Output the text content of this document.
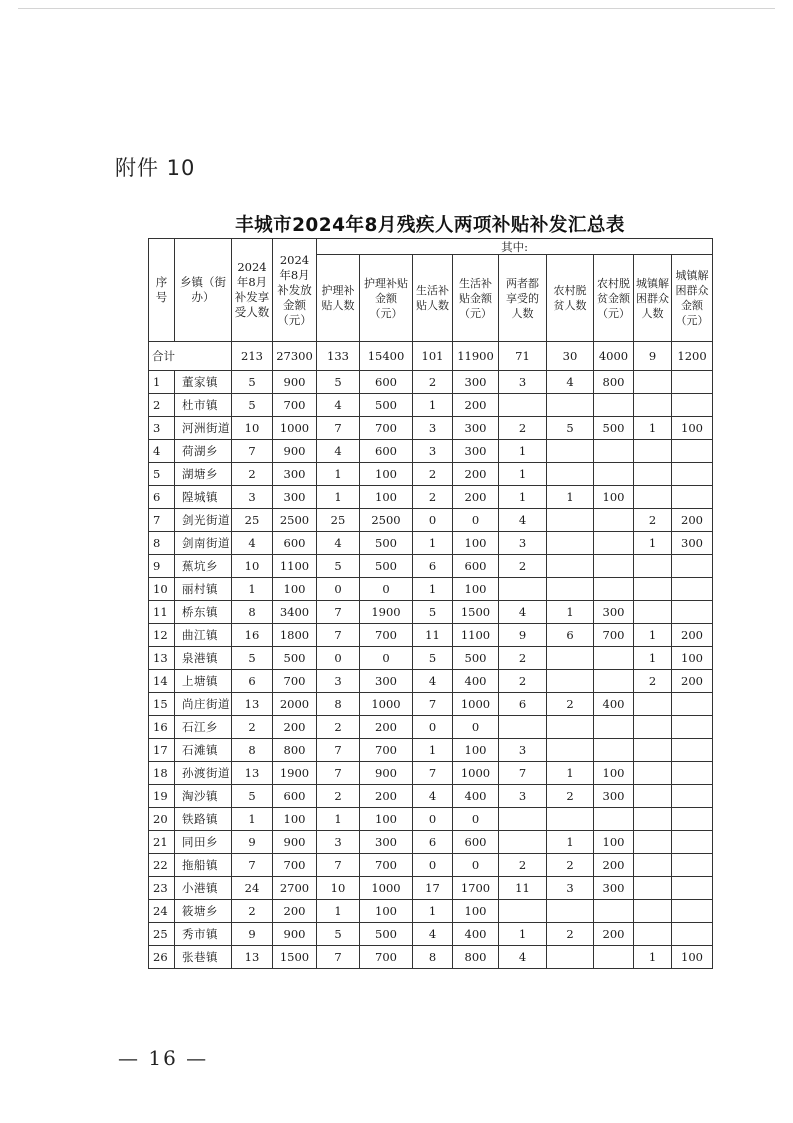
附件 10
丰城市2024年8月残疾人两项补贴补发汇总表
序号	乡镇（街办）	2024年8月补发享受人数	2024年8月补发放金额（元）	其中:								
				护理补贴人数	护理补贴金额（元）	生活补贴人数	生活补贴金额（元）	两者都享受的人数	农村脱贫人数	农村脱贫金额（元）	城镇解困群众人数	城镇解困群众金额（元）
合计		213	27300	133	15400	101	11900	71	30	4000	9	1200
1	董家镇	5	900	5	600	2	300	3	4	800		
2	杜市镇	5	700	4	500	1	200					
3	河洲街道	10	1000	7	700	3	300	2	5	500	1	100
4	荷湖乡	7	900	4	600	3	300	1				
5	湖塘乡	2	300	1	100	2	200	1				
6	隍城镇	3	300	1	100	2	200	1	1	100		
7	剑光街道	25	2500	25	2500	0	0	4			2	200
8	剑南街道	4	600	4	500	1	100	3			1	300
9	蕉坑乡	10	1100	5	500	6	600	2				
10	丽村镇	1	100	0	0	1	100					
11	桥东镇	8	3400	7	1900	5	1500	4	1	300		
12	曲江镇	16	1800	7	700	11	1100	9	6	700	1	200
13	泉港镇	5	500	0	0	5	500	2			1	100
14	上塘镇	6	700	3	300	4	400	2			2	200
15	尚庄街道	13	2000	8	1000	7	1000	6	2	400		
16	石江乡	2	200	2	200	0	0					
17	石滩镇	8	800	7	700	1	100	3				
18	孙渡街道	13	1900	7	900	7	1000	7	1	100		
19	淘沙镇	5	600	2	200	4	400	3	2	300		
20	铁路镇	1	100	1	100	0	0					
21	同田乡	9	900	3	300	6	600		1	100		
22	拖船镇	7	700	7	700	0	0	2	2	200		
23	小港镇	24	2700	10	1000	17	1700	11	3	300		
24	筱塘乡	2	200	1	100	1	100					
25	秀市镇	9	900	5	500	4	400	1	2	200		
26	张巷镇	13	1500	7	700	8	800	4			1	100
— 16 —
